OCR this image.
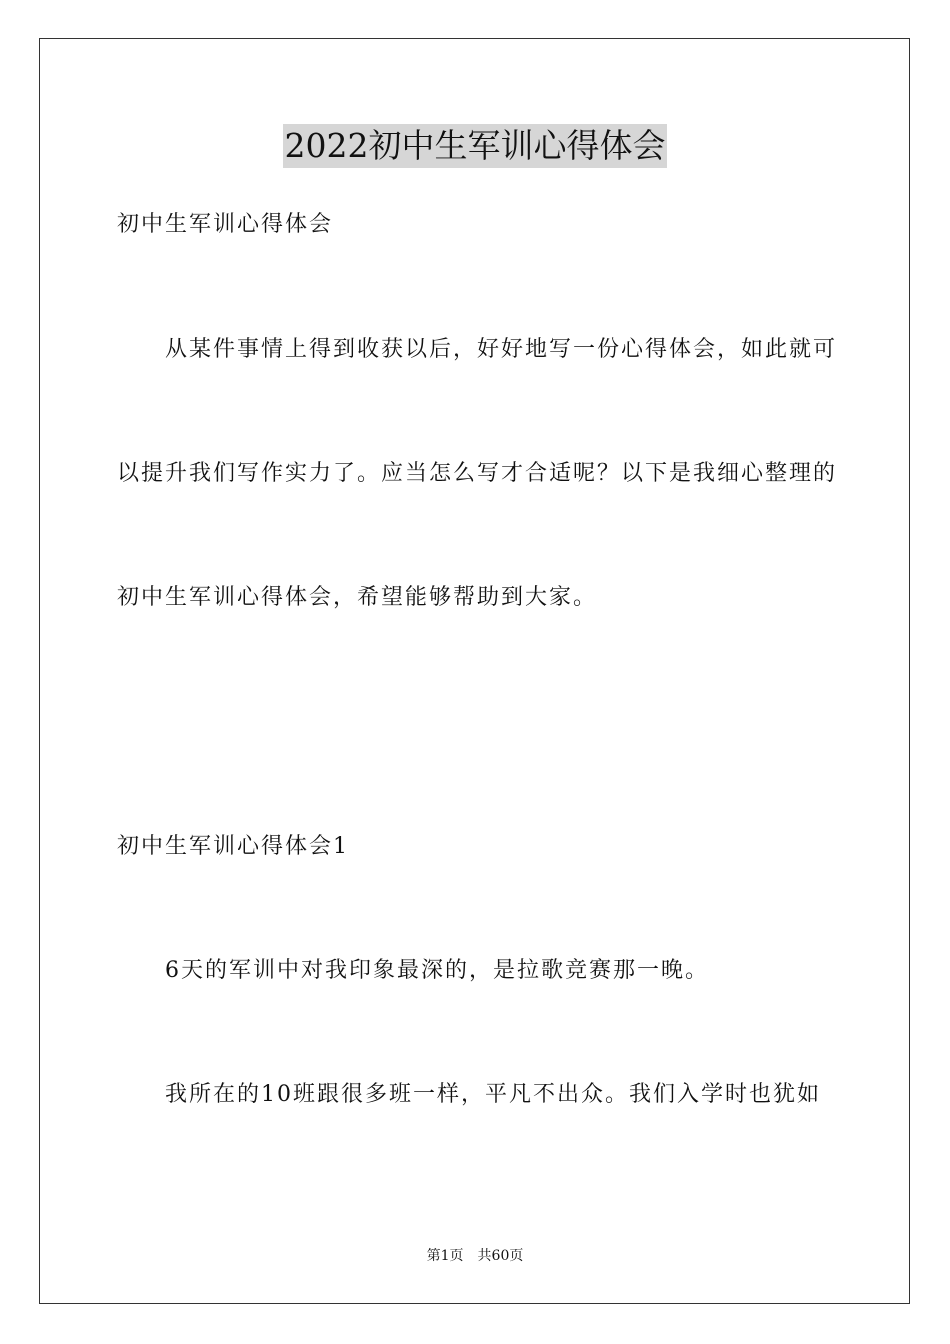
2022初中生军训心得体会
初中生军训心得体会
　　从某件事情上得到收获以后，好好地写一份心得体会，如此就可
以提升我们写作实力了。应当怎么写才合适呢？以下是我细心整理的
初中生军训心得体会，希望能够帮助到大家。
初中生军训心得体会1
　　6天的军训中对我印象最深的，是拉歌竞赛那一晚。
　　我所在的10班跟很多班一样，平凡不出众。我们入学时也犹如
第1页　共60页
